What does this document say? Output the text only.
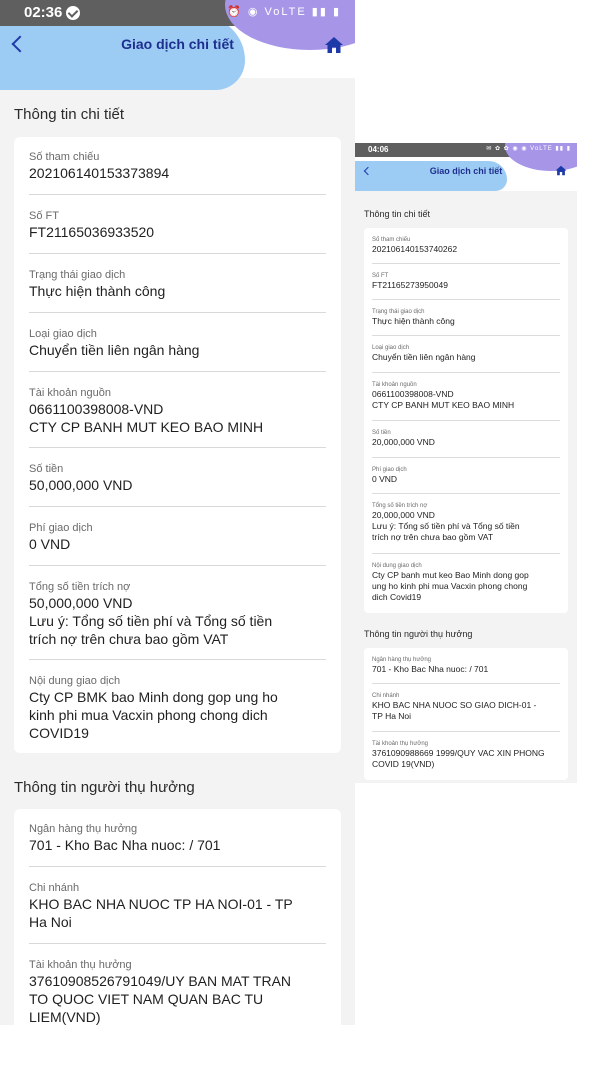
02:36	⏰ ◉ VoLTE ▮▮ ▮
Giao dịch chi tiết
Thông tin chi tiết
Số tham chiếu
202106140153373894
Số FT
FT21165036933520
Trạng thái giao dịch
Thực hiện thành công
Loại giao dịch
Chuyển tiền liên ngân hàng
Tài khoản nguồn
0661100398008-VND
CTY CP BANH MUT KEO BAO MINH
Số tiền
50,000,000 VND
Phí giao dịch
0 VND
Tổng số tiền trích nợ
50,000,000 VND
Lưu ý: Tổng số tiền phí và Tổng số tiền
trích nợ trên chưa bao gồm VAT
Nội dung giao dịch
Cty CP BMK bao Minh dong gop ung ho
kinh phi mua Vacxin phong chong dich
COVID19
Thông tin người thụ hưởng
Ngân hàng thụ hưởng
701 - Kho Bac Nha nuoc: / 701
Chi nhánh
KHO BAC NHA NUOC TP HA NOI-01 - TP
Ha Noi
Tài khoản thụ hưởng
37610908526791049/UY BAN MAT TRAN
TO QUOC VIET NAM QUAN BAC TU
LIEM(VND)
04:06	✉ ✿ ✿ ◉ ◉ VoLTE ▮▮ ▮
Giao dịch chi tiết
Thông tin chi tiết
Số tham chiếu
202106140153740262
Số FT
FT21165273950049
Trạng thái giao dịch
Thực hiện thành công
Loại giao dịch
Chuyển tiền liên ngân hàng
Tài khoản nguồn
0661100398008-VND
CTY CP BANH MUT KEO BAO MINH
Số tiền
20,000,000 VND
Phí giao dịch
0 VND
Tổng số tiền trích nợ
20,000,000 VND
Lưu ý: Tổng số tiền phí và Tổng số tiền
trích nợ trên chưa bao gồm VAT
Nội dung giao dịch
Cty CP banh mut keo Bao Minh dong gop
ung ho kinh phi mua Vacxin phong chong
dich Covid19
Thông tin người thụ hưởng
Ngân hàng thụ hưởng
701 - Kho Bac Nha nuoc: / 701
Chi nhánh
KHO BAC NHA NUOC SO GIAO DICH-01 -
TP Ha Noi
Tài khoản thụ hưởng
3761090988669 1999/QUY VAC XIN PHONG
COVID 19(VND)
